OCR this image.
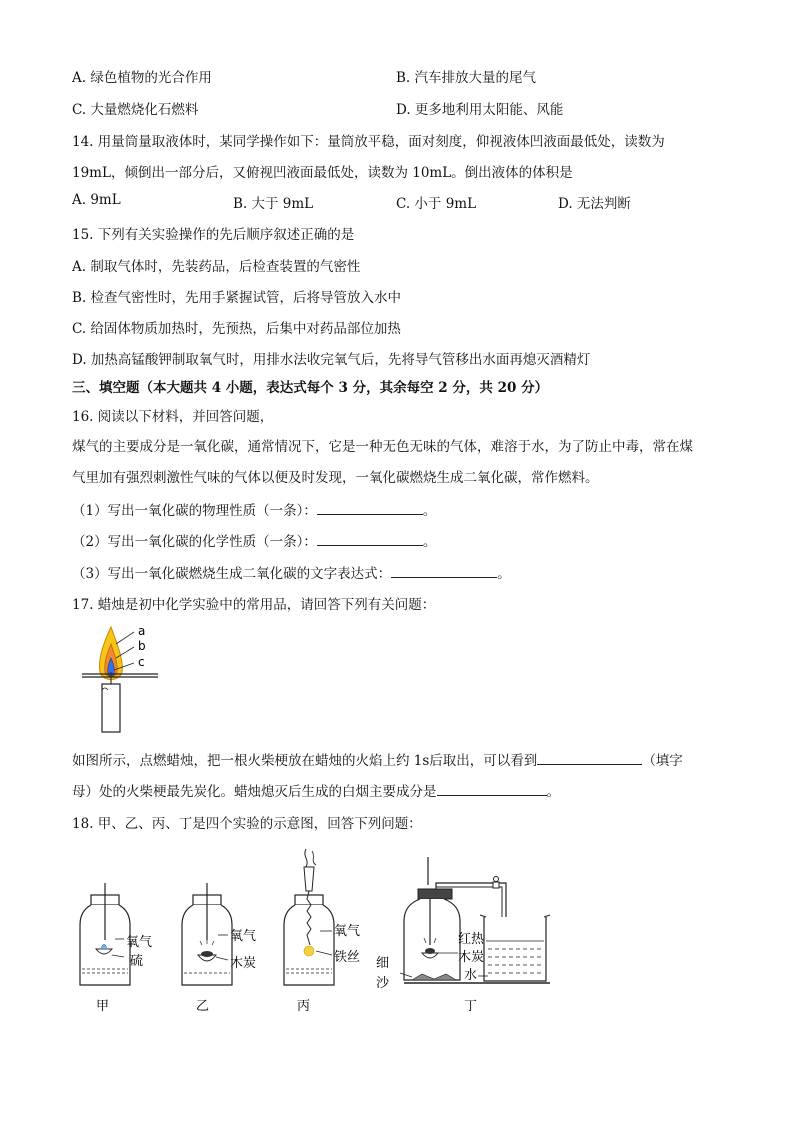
A. 绿色植物的光合作用	B. 汽车排放大量的尾气
C. 大量燃烧化石燃料	D. 更多地利用太阳能、风能
14. 用量筒量取液体时，某同学操作如下：量筒放平稳，面对刻度，仰视液体凹液面最低处，读数为
19mL，倾倒出一部分后，又俯视凹液面最低处，读数为 10mL。倒出液体的体积是
A. 9mL	B. 大于 9mL	C. 小于 9mL	D. 无法判断
15. 下列有关实验操作的先后顺序叙述正确的是
A. 制取气体时，先装药品，后检查装置的气密性
B. 检查气密性时，先用手紧握试管，后将导管放入水中
C. 给固体物质加热时，先预热，后集中对药品部位加热
D. 加热高锰酸钾制取氧气时，用排水法收完氧气后，先将导气管移出水面再熄灭酒精灯
三、填空题（本大题共 4 小题，表达式每个 3 分，其余每空 2 分，共 20 分）
16. 阅读以下材料，并回答问题，
煤气的主要成分是一氧化碳，通常情况下，它是一种无色无味的气体，难溶于水，为了防止中毒，常在煤
气里加有强烈刺激性气味的气体以便及时发现，一氧化碳燃烧生成二氧化碳，常作燃料。
（1）写出一氧化碳的物理性质（一条）：	。
（2）写出一氧化碳的化学性质（一条）：	。
（3）写出一氧化碳燃烧生成二氧化碳的文字表达式：	。
17. 蜡烛是初中化学实验中的常用品，请回答下列有关问题：
a
b
c
如图所示，点燃蜡烛，把一根火柴梗放在蜡烛的火焰上约 1s后取出，可以看到	（填字
母）处的火柴梗最先炭化。蜡烛熄灭后生成的白烟主要成分是	。
18. 甲、乙、丙、丁是四个实验的示意图，回答下列问题：
氧气
硫
甲
氧气
木炭
乙
氧气
铁丝
丙
红热
木炭
水
细
沙
丁
